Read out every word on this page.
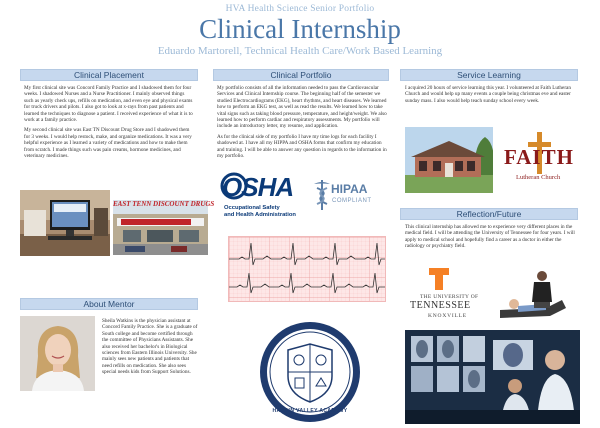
HVA Health Science Senior Portfolio
Clinical Internship
Eduardo Martorell, Technical Health Care/Work Based Learning
Clinical Placement

My first clinical site was Concord Family Practice and I shadowed them for four weeks. I shadowed Nurses and a Nurse Practitioner. I mainly observed things such as yearly check ups, refills on medication, and even eye and physical exams for truck drivers and pilots. I also got to look at x-rays from past patients and learned the techniques to diagnose a patient. I received experience of what it is to work at a family practice.

My second clinical site was East TN Discount Drug Store and I shadowed them for 3 weeks. I would help restock, make, and organize medications. It was a very helpful experience as I learned a variety of medications and how to make them from scratch. I made things such was pain creams, hormone medicines, and veterinary medicines.

EAST TENN DISCOUNT DRUGS
About Mentor
Sheila Watkins is the physician assistant at Concord Family Practice. She is a graduate of South college and become certified through the committee of Physicians Assistants. She also received her bachelor's in Biological sciences from Eastern Illinois University. She mainly sees new patients and patients that need refills on medication. She also sees special needs kids from Support Solutions.
Clinical Portfolio

My portfolio consists of all the information needed to pass the Cardiovascular Services and Clinical Internship course. The beginning half of the semester we studied Electrocardiograms (EKG), heart rhythms, and heart diseases. We learned how to perform an EKG test, as well as read the results. We learned how to take vital signs such as taking blood pressure, temperature, and height/weight. We also learned how to perform cardiac and respiratory assessments. My portfolio will include an introductory letter, my resume, and application.

As for the clinical side of my portfolio I have my time logs for each facility I shadowed at. I have all my HIPPA and OSHA forms that confirm my education and training. I will be able to answer any question in regards to the information in my portfolio.

OSHA
Occupational Safety
and Health Administration
HIPAA
COMPLIANT
HARDIN VALLEY ACADEMY
Service Learning
I acquired 20 hours of service learning this year. I volunteered at Faith Lutheran Church and would help up many events a couple being christmas eve and easter sunday mass. I also would help teach sunday school every week.
FAITH
Lutheran Church
Reflection/Future
This clinical internship has allowed me to experience very different places in the medical field. I will be attending the University of Tennessee for four years. I will apply to medical school and hopefully find a career as a doctor in either the radiology or psychiatry field.
THE UNIVERSITY OF
TENNESSEE
KNOXVILLE
